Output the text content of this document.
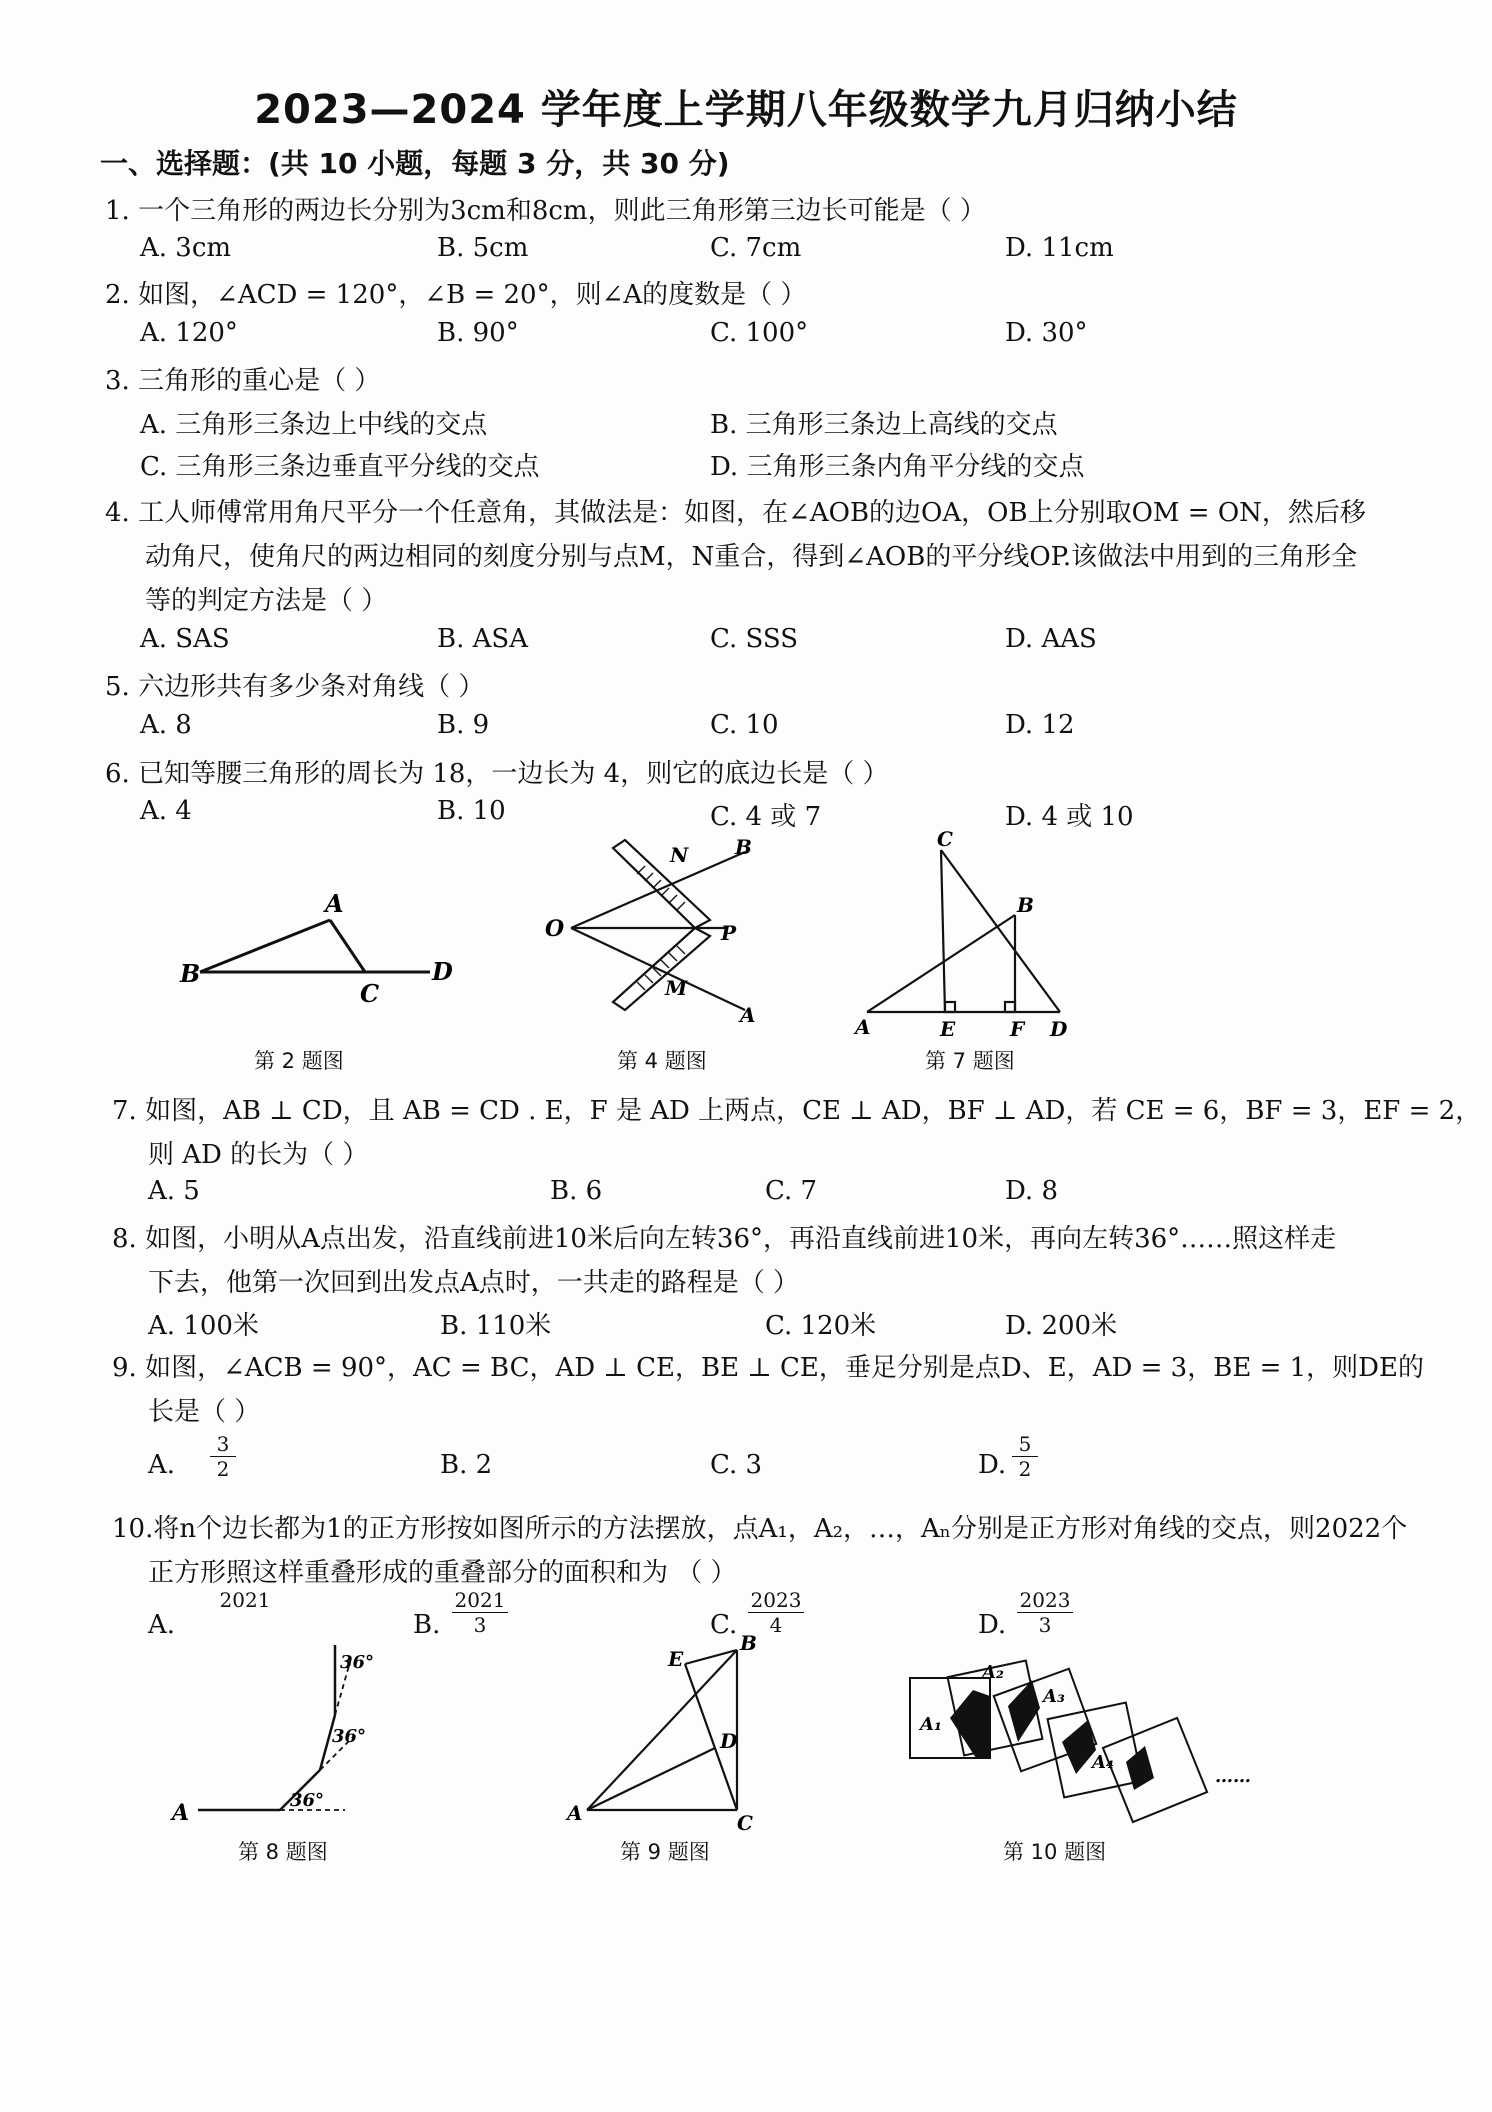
2023—2024 学年度上学期八年级数学九月归纳小结
一、选择题：(共 10 小题，每题 3 分，共 30 分)
1. 一个三角形的两边长分别为3cm和8cm，则此三角形第三边长可能是（ ）
A. 3cm	B. 5cm	C. 7cm	D. 11cm
2. 如图，∠ACD = 120°，∠B = 20°，则∠A的度数是（ ）
A. 120°	B. 90°	C. 100°	D. 30°
3. 三角形的重心是（ ）
A. 三角形三条边上中线的交点	B. 三角形三条边上高线的交点
C. 三角形三条边垂直平分线的交点	D. 三角形三条内角平分线的交点
4. 工人师傅常用角尺平分一个任意角，其做法是：如图，在∠AOB的边OA，OB上分别取OM = ON，然后移
动角尺，使角尺的两边相同的刻度分别与点M，N重合，得到∠AOB的平分线OP.该做法中用到的三角形全
等的判定方法是（ ）
A. SAS	B. ASA	C. SSS	D. AAS
5. 六边形共有多少条对角线（ ）
A. 8	B. 9	C. 10	D. 12
6. 已知等腰三角形的周长为 18，一边长为 4，则它的底边长是（ ）
A. 4	B. 10	C. 4 或 7	D. 4 或 10
A
B
C
D
第 2 题图
O
N B
P
M
A
第 4 题图
C
B
A	E	F D
第 7 题图
7. 如图，AB ⊥ CD，且 AB = CD . E，F 是 AD 上两点，CE ⊥ AD，BF ⊥ AD，若 CE = 6，BF = 3，EF = 2，
则 AD 的长为（ ）
A. 5	B. 6	C. 7	D. 8
8. 如图，小明从A点出发，沿直线前进10米后向左转36°，再沿直线前进10米，再向左转36°……照这样走
下去，他第一次回到出发点A点时，一共走的路程是（ ）
A. 100米	B. 110米	C. 120米	D. 200米
9. 如图，∠ACB = 90°，AC = BC，AD ⊥ CE，BE ⊥ CE，垂足分别是点D、E，AD = 3，BE = 1，则DE的
长是（ ）
A.
3
2	B. 2	C. 3	D.
5
2
10.将n个边长都为1的正方形按如图所示的方法摆放，点A₁，A₂，…，Aₙ分别是正方形对角线的交点，则2022个
正方形照这样重叠形成的重叠部分的面积和为 （ ）
A.
2021
B.
2021
3	C.
2023
4	D.
2023
3
A	36°
36°
36°
第 8 题图
E
B
D
A	C
第 9 题图
A₁
A₂
A₃
A₄
……
第 10 题图
